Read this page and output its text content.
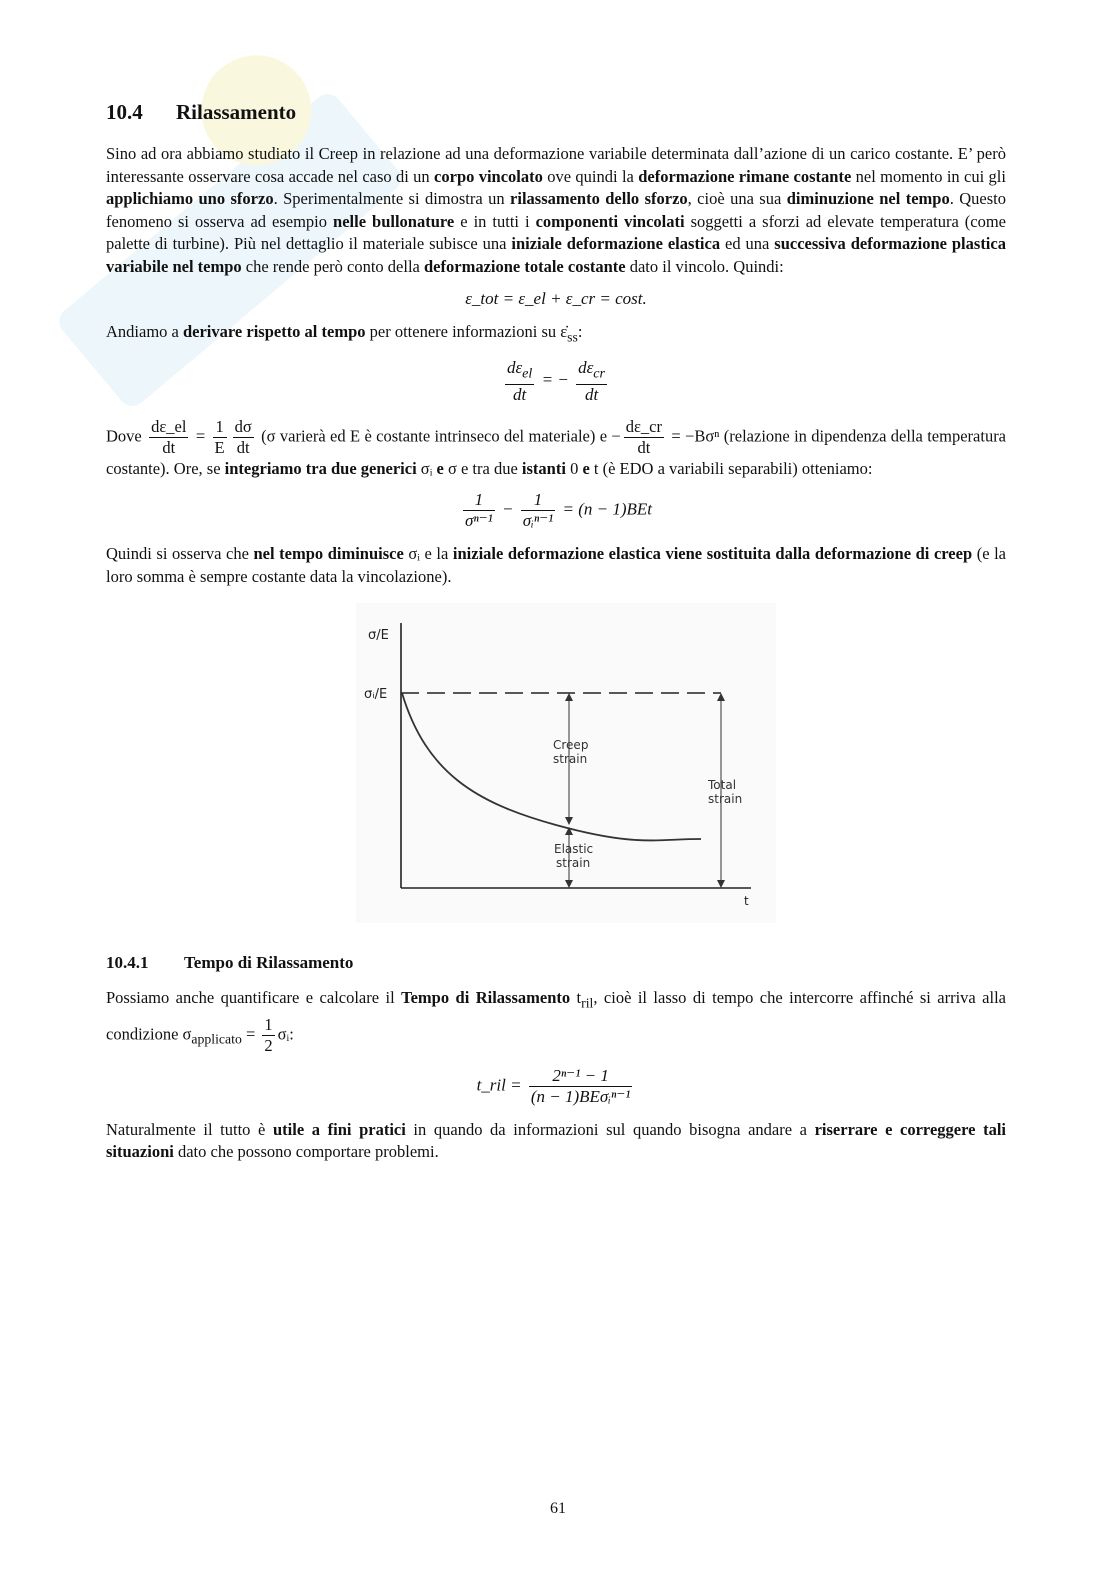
10.4 Rilassamento

Sino ad ora abbiamo studiato il Creep in relazione ad una deformazione variabile determinata dall’azione di un carico costante. E’ però interessante osservare cosa accade nel caso di un corpo vincolato ove quindi la deformazione rimane costante nel momento in cui gli applichiamo uno sforzo. Sperimentalmente si dimostra un rilassamento dello sforzo, cioè una sua diminuzione nel tempo. Questo fenomeno si osserva ad esempio nelle bullonature e in tutti i componenti vincolati soggetti a sforzi ad elevate temperatura (come palette di turbine). Più nel dettaglio il materiale subisce una iniziale deformazione elastica ed una successiva deformazione plastica variabile nel tempo che rende però conto della deformazione totale costante dato il vincolo. Quindi:

ε_tot = ε_el + ε_cr = cost.

Andiamo a derivare rispetto al tempo per ottenere informazioni su $\varepsiloṅ_{ss}$:

$\frac{d\varepsilon_{el}}{dt}$ = − $\frac{d\varepsilon_{cr}}{dt}$

Dove $\frac{d\varepsilon\_el}{dt} = \frac{1}{E} \frac{d\sigma}{dt} (\sigma$ varierà ed E è costante intrinseco del materiale) $e - \frac{d\varepsilon\_cr}{dt} = -B\sigma^n$ (relazione in dipendenza della temperatura costante). Ore, se integriamo tra due generici σᵢ e σ e tra due istanti 0 e t (è EDO a variabili separabili) otteniamo:

$\frac{1}{\text{σⁿ⁻¹}} - \frac{1}{\text{σᵢⁿ⁻¹}} = (n - 1)BEt$

Quindi si osserva che nel tempo diminuisce σᵢ e la iniziale deformazione elastica viene sostituita dalla deformazione di creep (e la loro somma è sempre costante data la vincolazione).

σ/E
σᵢ/E
t
Creep
strain
Total
strain
Elastic
strain
10.4.1 Tempo di Rilassamento

Possiamo anche quantificare e calcolare il Tempo di Rilassamento $t_{ril}$, cioè il lasso di tempo che intercorre affinché si arriva alla condizione $\sigma_{applicato} = \frac{1}{2}$ σᵢ:

t_ril = $\frac{\text{2ⁿ⁻¹ − 1}}{\text{(n − 1)BEσᵢⁿ⁻¹}}$

Naturalmente il tutto è utile a fini pratici in quando da informazioni sul quando bisogna andare a riserrare e correggere tali situazioni dato che possono comportare problemi.

61
